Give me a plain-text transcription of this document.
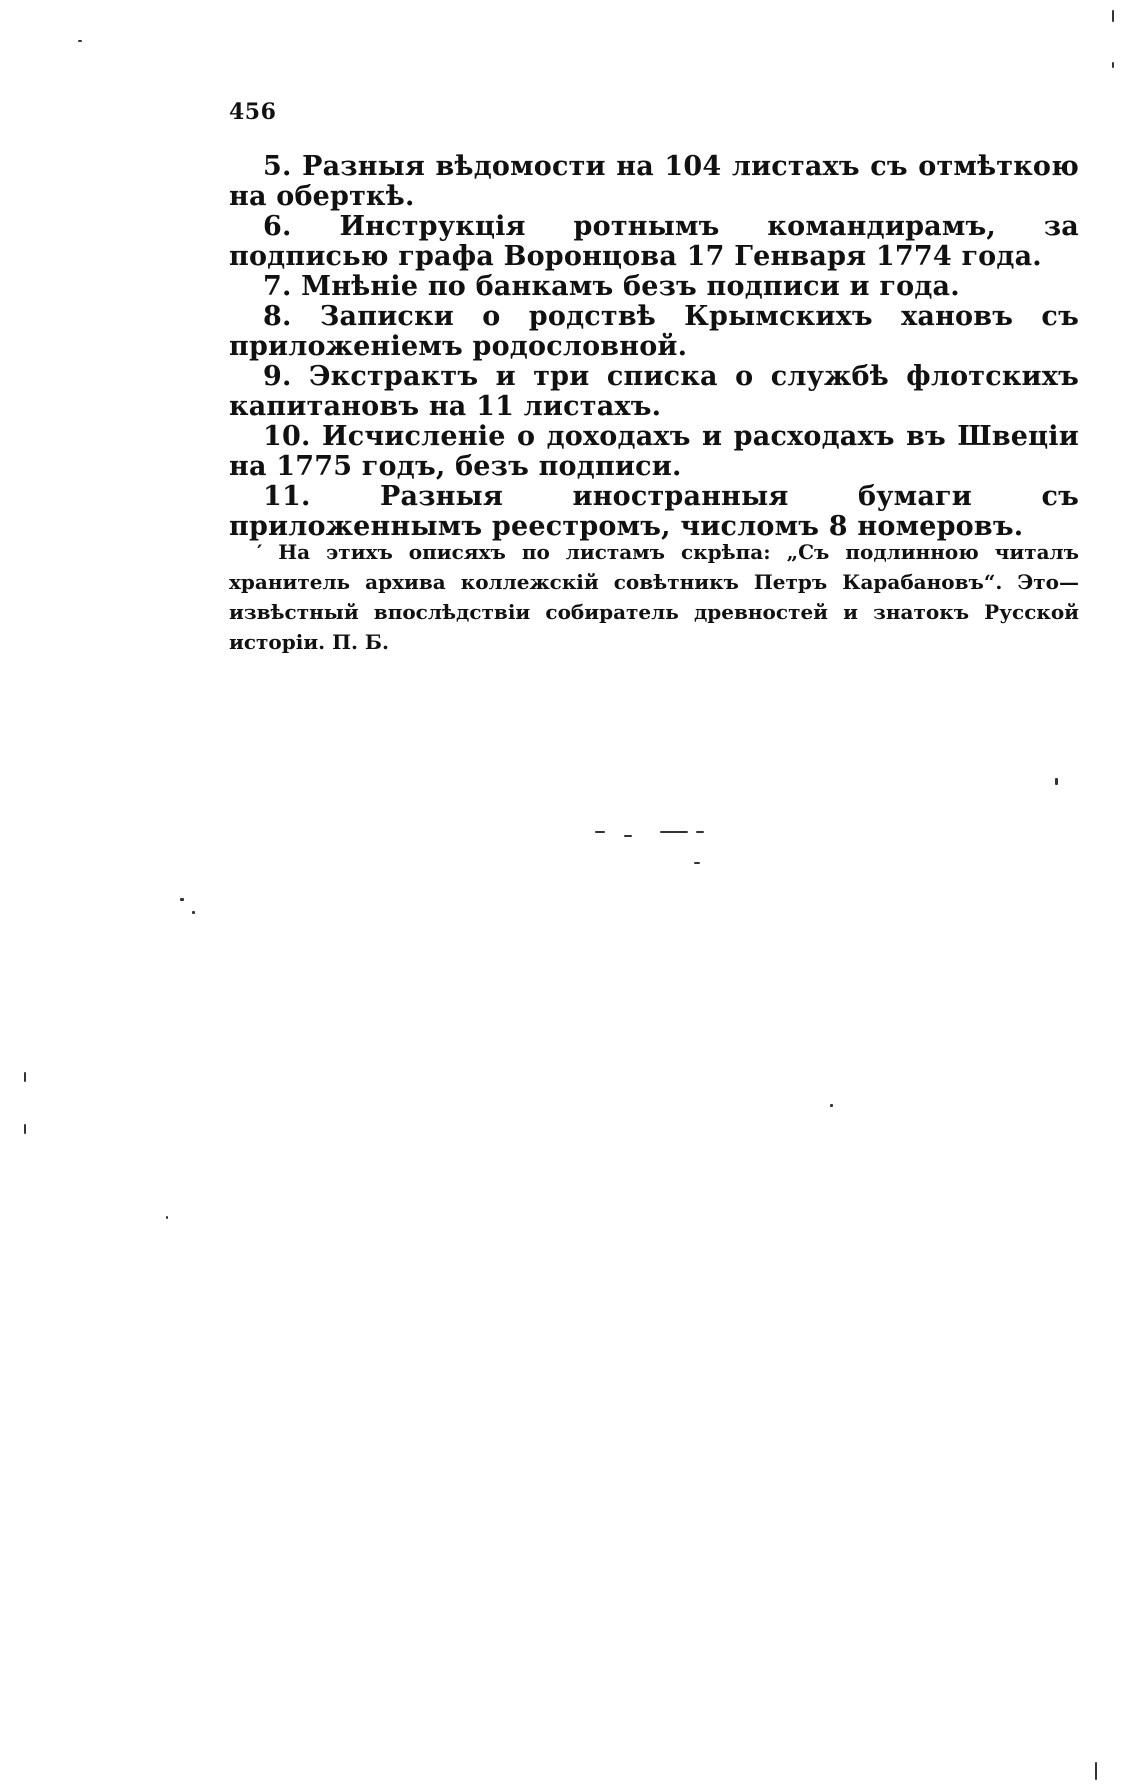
456

5. Разныя вѣдомости на 104 листахъ съ отмѣткою на оберткѣ.

6. Инструкція ротнымъ командирамъ, за подписью графа Воронцова 17 Генваря 1774 года.

7. Мнѣніе по банкамъ безъ подписи и года.

8. Записки о родствѣ Крымскихъ хановъ съ приложеніемъ родословной.

9. Экстрактъ и три списка о службѣ флотскихъ капитановъ на 11 листахъ.

10. Исчисленіе о доходахъ и расходахъ въ Швеціи на 1775 годъ, безъ подписи.

11. Разныя иностранныя бумаги съ приложеннымъ реестромъ, числомъ 8 номеровъ.

′ На этихъ описяхъ по листамъ скрѣпа: „Съ подлинною читалъ хранитель архива коллежскій совѣтникъ Петръ Карабановъ“. Это—извѣстный впослѣдствіи собиратель древностей и знатокъ Русской исторіи. П. Б.
